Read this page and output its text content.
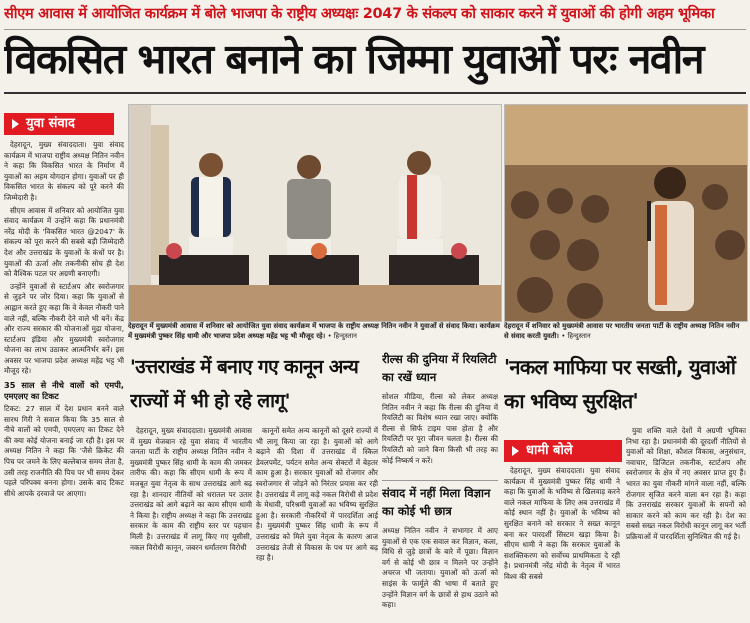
सीएम आवास में आयोजित कार्यक्रम में बोले भाजपा के राष्ट्रीय अध्यक्षः 2047 के संकल्प को साकार करने में युवाओं की होगी अहम भूमिका
विकसित भारत बनाने का जिम्मा युवाओं परः नवीन
युवा संवाद

देहरादून, मुख्य संवाददाता। युवा संवाद कार्यक्रम में भाजपा राष्ट्रीय अध्यक्ष नितिन नवीन ने कहा कि विकसित भारत के निर्माण में युवाओं का अहम योगदान होगा। युवाओं पर ही विकसित भारत के संकल्प को पूरे करने की जिम्मेदारी है।

सीएम आवास में शनिवार को आयोजित युवा संवाद कार्यक्रम में उन्होंने कहा कि प्रधानमंत्री नरेंद्र मोदी के 'विकसित भारत @2047' के संकल्प को पूरा करने की सबसे बड़ी जिम्मेदारी देश और उत्तराखंड के युवाओं के कंधों पर है। युवाओं की ऊर्जा और तकनीकी सोच ही देश को वैश्विक पटल पर अग्रणी बनाएगी।

उन्होंने युवाओं से स्टार्टअप और स्वरोजगार से जुड़ने पर जोर दिया। कहा कि युवाओं से आह्वान करते हुए कहा कि वे केवल नौकरी पाने वाले नहीं, बल्कि नौकरी देने वाले भी बनें। केंद्र और राज्य सरकार की योजनाओं मुद्रा योजना, स्टार्टअप इंडिया और मुख्यमंत्री स्वरोजगार योजना का लाभ उठाकर आत्मनिर्भर बनें। इस अवसर पर भाजपा प्रदेश अध्यक्ष महेंद्र भट्ट भी मौजूद रहे।

35 साल से नीचे वालों को एमपी, एमएलए का टिकट

टिकट: 27 साल में देश प्रधान बनने वाले सारथ गिरी ने सवाल किया कि 35 साल से नीचे वालों को एमपी, एमएलए का टिकट देने की क्या कोई योजना बनाई जा रही है। इस पर अध्यक्ष नितिन ने कहा कि 'जैसे क्रिकेट की पिच पर जमने के लिए बल्लेबाज समय लेता है, उसी तरह राजनीति की पिच पर भी समय देकर पहले परिपक्व बनना होगा। उसके बाद टिकट सीधे आपके दरवाजे पर आएगा।

देहरादून में मुख्यमंत्री आवास में शनिवार को आयोजित युवा संवाद कार्यक्रम में भाजपा के राष्ट्रीय अध्यक्ष नितिन नवीन ने युवाओं से संवाद किया। कार्यक्रम में मुख्यमंत्री पुष्कर सिंह धामी और भाजपा प्रदेश अध्यक्ष महेंद्र भट्ट भी मौजूद रहे। • हिन्दुस्तान
देहरादून में शनिवार को मुख्यमंत्री आवास पर भारतीय जनता पार्टी के राष्ट्रीय अध्यक्ष नितिन नवीन से संवाद करती युवती। • हिन्दुस्तान
'उत्तराखंड में बनाए गए कानून अन्य राज्यों में भी हो रहे लागू'

देहरादून, मुख्य संवाददाता। मुख्यमंत्री आवास में मुख्य मेजबान रहे युवा संवाद में भारतीय जनता पार्टी के राष्ट्रीय अध्यक्ष नितिन नवीन ने मुख्यमंत्री पुष्कर सिंह धामी के काम की जमकर तारीफ की। कहा कि सीएम धामी के रूप में मजबूत युवा नेतृत्व के साथ उत्तराखंड आगे बढ़ रहा है। शानदार नीतियों को धरातल पर उतार उत्तराखंड को आगे बढ़ाने का काम सीएम धामी ने किया है। राष्ट्रीय अध्यक्ष ने कहा कि उत्तराखंड सरकार के काम की राष्ट्रीय स्तर पर पहचान मिली है। उत्तराखंड में लागू किए गए यूसीसी, नकल विरोधी कानून, जबरन धर्मांतरण विरोधी

कानूनों समेत अन्य कानूनों को दूसरे राज्यों में भी लागू किया जा रहा है। युवाओं को आगे बढ़ाने की दिशा में उत्तराखंड में स्किल डेवलपमेंट, पर्यटन समेत अन्य सेक्टरों में बेहतर काम हुआ है। सरकार युवाओं को रोजगार और स्वरोजगार से जोड़ने को निरंतर प्रयास कर रही है। उत्तराखंड में लागू कड़े नकल विरोधी से प्रदेश के मेधावी, परिश्रमी युवाओं का भविष्य सुरक्षित हुआ है। सरकारी नौकरियों में पारदर्शिता आई है। मुख्यमंत्री पुष्कर सिंह धामी के रूप में उत्तराखंड को मिले युवा नेतृत्व के कारण आज उत्तराखंड तेजी से विकास के पथ पर आगे बढ़ रहा है।

रील्स की दुनिया में रियलिटी का रखें ध्यान

सोशल मीडिया, रील्स को लेकर अध्यक्ष नितिन नवीन ने कहा कि रील्स की दुनिया में रियलिटी का विशेष ध्यान रखा जाए। क्योंकि रील्स से सिर्फ टाइम पास होता है और रियलिटी पर पूरा जीवन चलता है। रील्स की रियलिटी को जाने बिना किसी भी तरह का कोई निष्कर्ष न करें।

संवाद में नहीं मिला विज्ञान का कोई भी छात्र

अध्यक्ष नितिन नवीन ने सभागार में आए युवाओं से एक एक सवाल कर विज्ञान, कला, विधि से जुड़े छात्रों के बारे में पूछा। विज्ञान वर्ग से कोई भी छात्र न मिलने पर उन्होंने अचरज भी जताया। युवाओं को ऊर्जा को साइंस के फार्मूले की भाषा में बताते हुए उन्होंने विज्ञान वर्ग के छात्रों से हाथ उठाने को कहा।

'नकल माफिया पर सख्ती, युवाओं का भविष्य सुरक्षित'
धामी बोले

देहरादून, मुख्य संवाददाता। युवा संवाद कार्यक्रम में मुख्यमंत्री पुष्कर सिंह धामी ने कहा कि युवाओं के भविष्य से खिलवाड़ करने वाले नकल माफिया के लिए अब उत्तराखंड में कोई स्थान नहीं है। युवाओं के भविष्य को सुरक्षित बनाने को सरकार ने सख्त कानून बना कर पारदर्शी सिस्टम खड़ा किया है। सीएम धामी ने कहा कि सरकार युवाओं के सशक्तिकरण को सर्वोच्च प्राथमिकता दे रही है। प्रधानमंत्री नरेंद्र मोदी के नेतृत्व में भारत विश्व की सबसे

युवा शक्ति वाले देशों में अग्रणी भूमिका निभा रहा है। प्रधानमंत्री की दूरदर्शी नीतियों से युवाओं को शिक्षा, कौशल विकास, अनुसंधान, नवाचार, डिजिटल तकनीक, स्टार्टअप और स्वरोजगार के क्षेत्र में नए अवसर प्राप्त हुए हैं। भारत का युवा नौकरी मांगने वाला नहीं, बल्कि रोजगार सृजित करने वाला बन रहा है। कहा कि उत्तराखंड सरकार युवाओं के सपनों को साकार करने को काम कर रही है। देश का सबसे सख्त नकल विरोधी कानून लागू कर भर्ती प्रक्रियाओं में पारदर्शिता सुनिश्चित की गई है।
